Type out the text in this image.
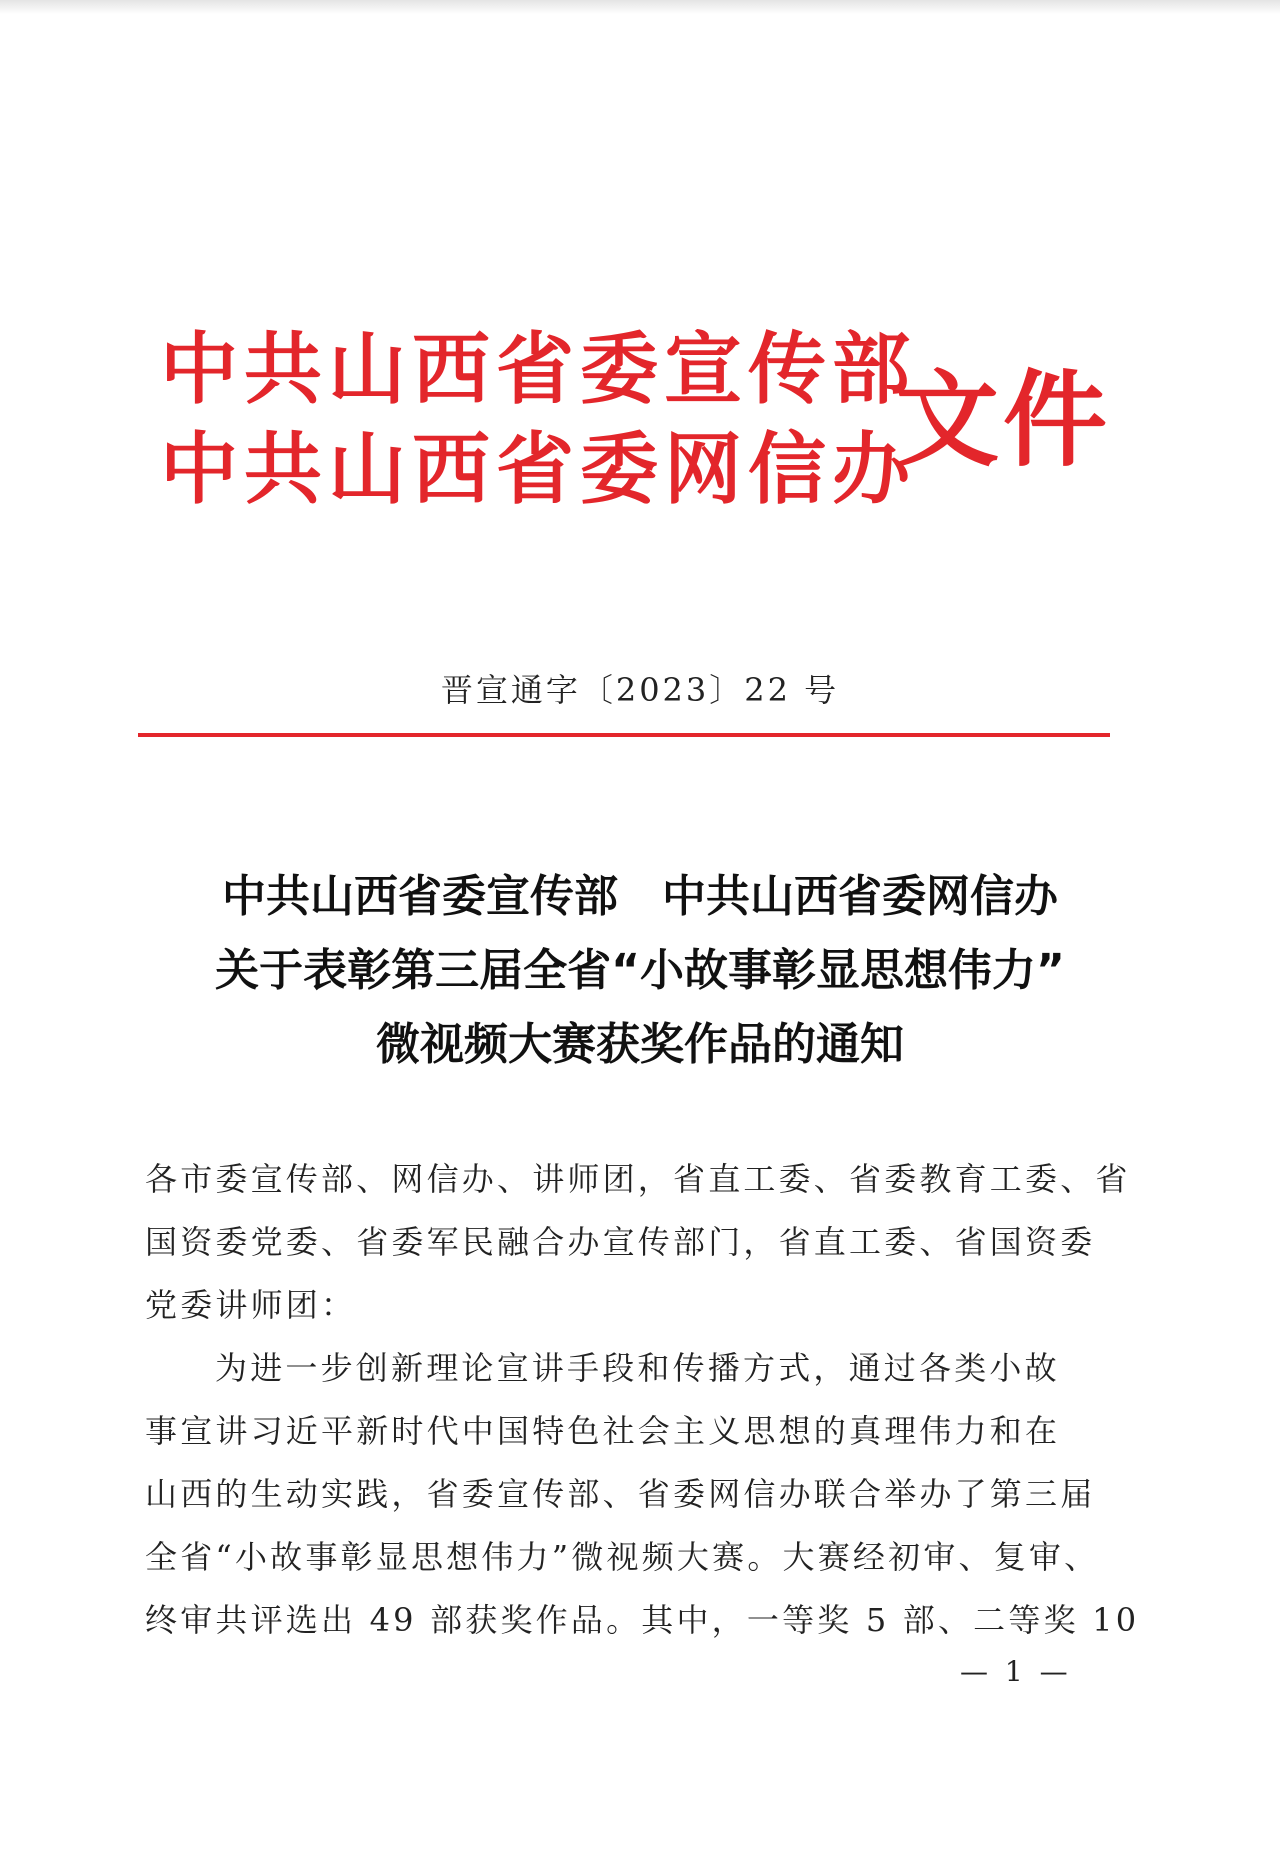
中共山西省委宣传部
中共山西省委网信办
文件
晋宣通字〔2023〕22 号
中共山西省委宣传部　中共山西省委网信办
关于表彰第三届全省“小故事彰显思想伟力”
微视频大赛获奖作品的通知
各市委宣传部、网信办、讲师团，省直工委、省委教育工委、省
国资委党委、省委军民融合办宣传部门，省直工委、省国资委
党委讲师团：
为进一步创新理论宣讲手段和传播方式，通过各类小故
事宣讲习近平新时代中国特色社会主义思想的真理伟力和在
山西的生动实践，省委宣传部、省委网信办联合举办了第三届
全省“小故事彰显思想伟力”微视频大赛。大赛经初审、复审、
终审共评选出 49 部获奖作品。其中，一等奖 5 部、二等奖 10
— 1 —
